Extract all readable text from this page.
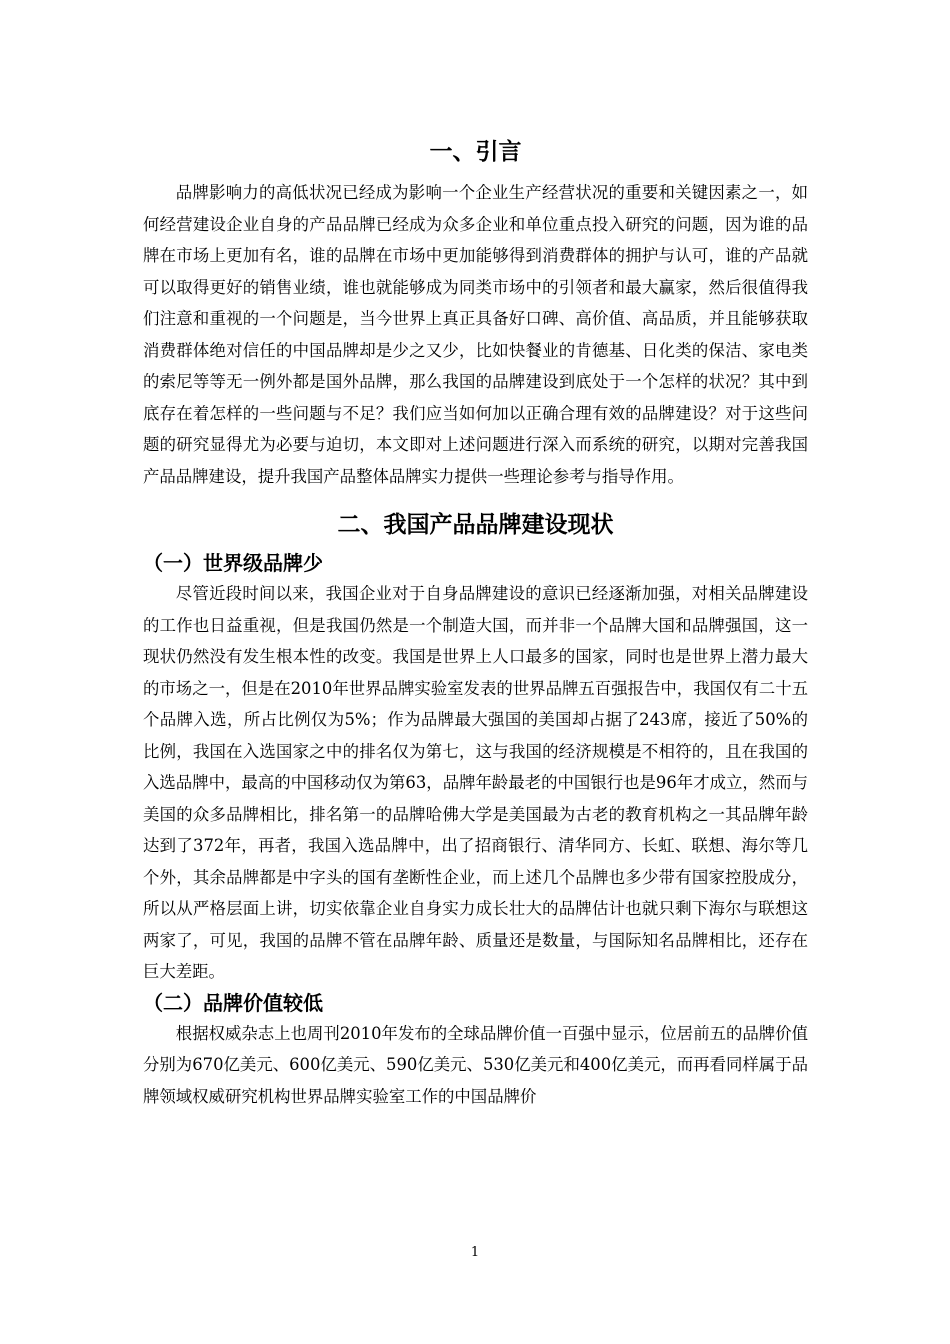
一、引言

品牌影响力的高低状况已经成为影响一个企业生产经营状况的重要和关键因素之一，如何经营建设企业自身的产品品牌已经成为众多企业和单位重点投入研究的问题，因为谁的品牌在市场上更加有名，谁的品牌在市场中更加能够得到消费群体的拥护与认可，谁的产品就可以取得更好的销售业绩，谁也就能够成为同类市场中的引领者和最大赢家，然后很值得我们注意和重视的一个问题是，当今世界上真正具备好口碑、高价值、高品质，并且能够获取消费群体绝对信任的中国品牌却是少之又少，比如快餐业的肯德基、日化类的保洁、家电类的索尼等等无一例外都是国外品牌，那么我国的品牌建设到底处于一个怎样的状况？其中到底存在着怎样的一些问题与不足？我们应当如何加以正确合理有效的品牌建设？对于这些问题的研究显得尤为必要与迫切，本文即对上述问题进行深入而系统的研究，以期对完善我国产品品牌建设，提升我国产品整体品牌实力提供一些理论参考与指导作用。

二、我国产品品牌建设现状
（一）世界级品牌少

尽管近段时间以来，我国企业对于自身品牌建设的意识已经逐渐加强，对相关品牌建设的工作也日益重视，但是我国仍然是一个制造大国，而并非一个品牌大国和品牌强国，这一现状仍然没有发生根本性的改变。我国是世界上人口最多的国家，同时也是世界上潜力最大的市场之一，但是在2010年世界品牌实验室发表的世界品牌五百强报告中，我国仅有二十五个品牌入选，所占比例仅为5%；作为品牌最大强国的美国却占据了243席，接近了50%的比例，我国在入选国家之中的排名仅为第七，这与我国的经济规模是不相符的，且在我国的入选品牌中，最高的中国移动仅为第63，品牌年龄最老的中国银行也是96年才成立，然而与美国的众多品牌相比，排名第一的品牌哈佛大学是美国最为古老的教育机构之一其品牌年龄达到了372年，再者，我国入选品牌中，出了招商银行、清华同方、长虹、联想、海尔等几个外，其余品牌都是中字头的国有垄断性企业，而上述几个品牌也多少带有国家控股成分，所以从严格层面上讲，切实依靠企业自身实力成长壮大的品牌估计也就只剩下海尔与联想这两家了，可见，我国的品牌不管在品牌年龄、质量还是数量，与国际知名品牌相比，还存在巨大差距。

（二）品牌价值较低

根据权威杂志上也周刊2010年发布的全球品牌价值一百强中显示，位居前五的品牌价值分别为670亿美元、600亿美元、590亿美元、530亿美元和400亿美元，而再看同样属于品牌领域权威研究机构世界品牌实验室工作的中国品牌价

1
